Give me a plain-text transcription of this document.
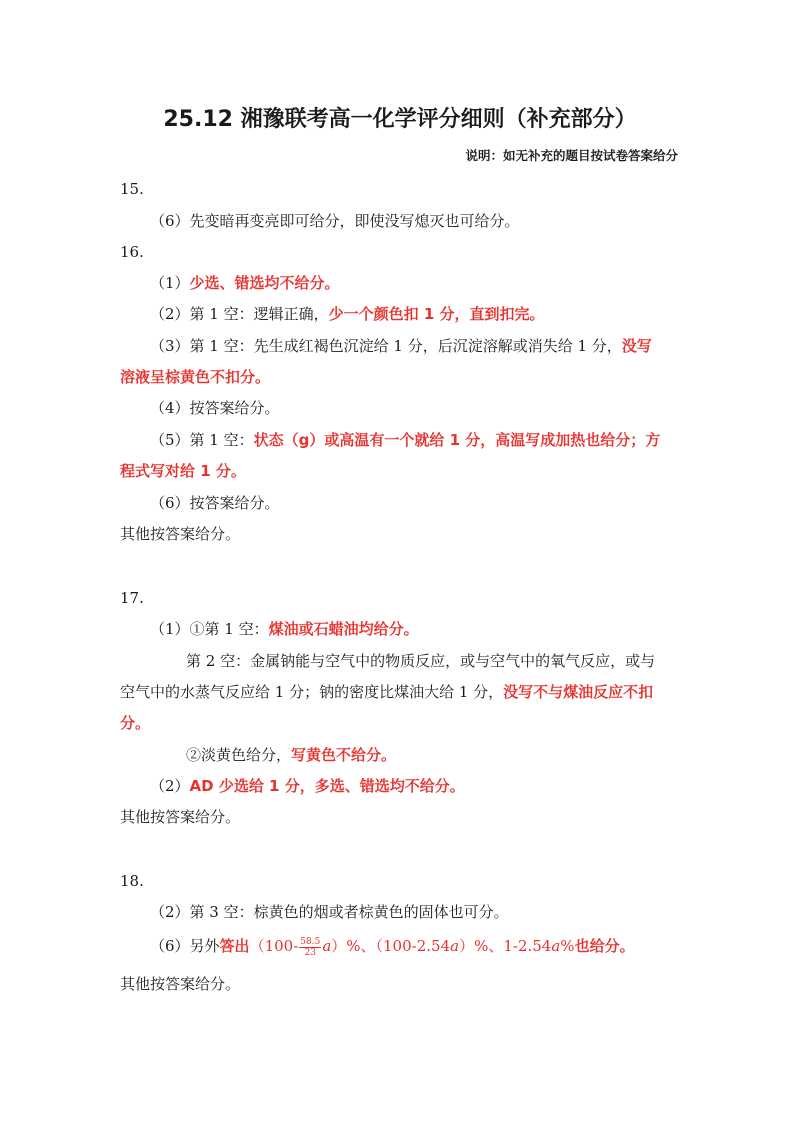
25.12 湘豫联考高一化学评分细则（补充部分）
说明：如无补充的题目按试卷答案给分
15.
（6）先变暗再变亮即可给分，即使没写熄灭也可给分。
16.
（1）少选、错选均不给分。
（2）第 1 空：逻辑正确，少一个颜色扣 1 分，直到扣完。
（3）第 1 空：先生成红褐色沉淀给 1 分，后沉淀溶解或消失给 1 分，没写
溶液呈棕黄色不扣分。
（4）按答案给分。
（5）第 1 空：状态（g）或高温有一个就给 1 分，高温写成加热也给分；方
程式写对给 1 分。
（6）按答案给分。
其他按答案给分。
17.
（1）①第 1 空：煤油或石蜡油均给分。
第 2 空：金属钠能与空气中的物质反应，或与空气中的氧气反应，或与
空气中的水蒸气反应给 1 分；钠的密度比煤油大给 1 分，没写不与煤油反应不扣
分。
②淡黄色给分，写黄色不给分。
（2）AD 少选给 1 分，多选、错选均不给分。
其他按答案给分。
18.
（2）第 3 空：棕黄色的烟或者棕黄色的固体也可分。
（6）另外答出$(100- \frac{58.5}{23} a)\%$、（100-2.54a）%、1-2.54a%也给分。
其他按答案给分。
